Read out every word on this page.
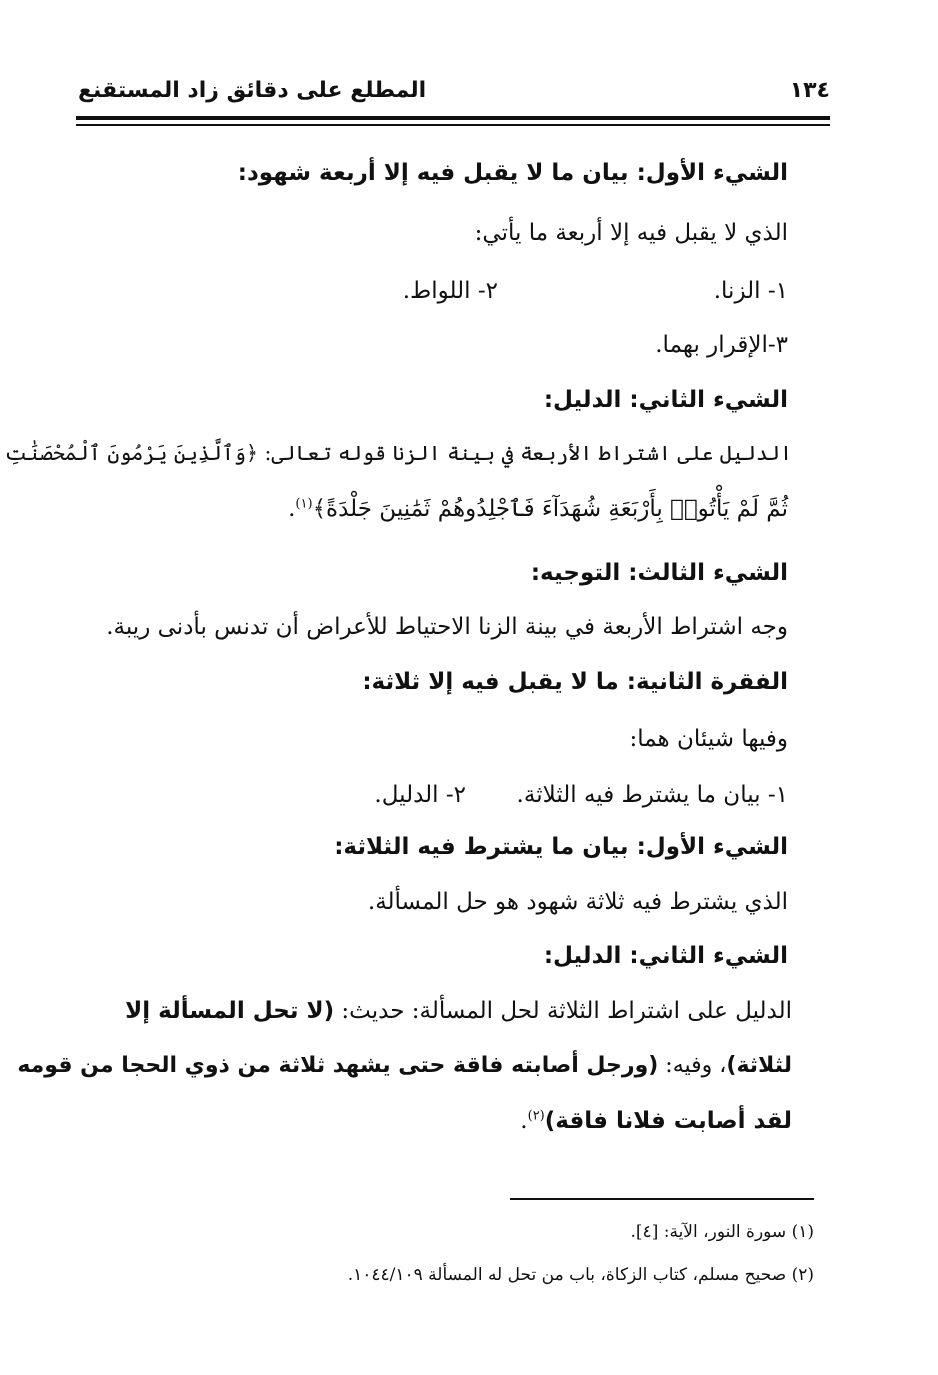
المطلع على دقائق زاد المستقنع	١٣٤
الشيء الأول: بيان ما لا يقبل فيه إلا أربعة شهود:
الذي لا يقبل فيه إلا أربعة ما يأتي:
١- الزنا.
٢- اللواط.
٣-الإقرار بهما.
الشيء الثاني: الدليل:
الدليل على اشتراط الأربعة في بينة الزنا قوله تعالى: ﴿وَٱلَّذِينَ يَرْمُونَ ٱلْمُحْصَنَٰتِ
ثُمَّ لَمْ يَأْتُوا۟ بِأَرْبَعَةِ شُهَدَآءَ فَٱجْلِدُوهُمْ ثَمَٰنِينَ جَلْدَةً﴾$^{(١)}$.
الشيء الثالث: التوجيه:
وجه اشتراط الأربعة في بينة الزنا الاحتياط للأعراض أن تدنس بأدنى ريبة.
الفقرة الثانية: ما لا يقبل فيه إلا ثلاثة:
وفيها شيئان هما:
١- بيان ما يشترط فيه الثلاثة.
٢- الدليل.
الشيء الأول: بيان ما يشترط فيه الثلاثة:
الذي يشترط فيه ثلاثة شهود هو حل المسألة.
الشيء الثاني: الدليل:
الدليل على اشتراط الثلاثة لحل المسألة: حديث: (لا تحل المسألة إلا
لثلاثة)، وفيه: (ورجل أصابته فاقة حتى يشهد ثلاثة من ذوي الحجا من قومه
لقد أصابت فلانا فاقة)$^{(٢)}$.
(١) سورة النور، الآية: [٤].
(٢) صحيح مسلم، كتاب الزكاة، باب من تحل له المسألة ١٠٤٤/١٠٩.
